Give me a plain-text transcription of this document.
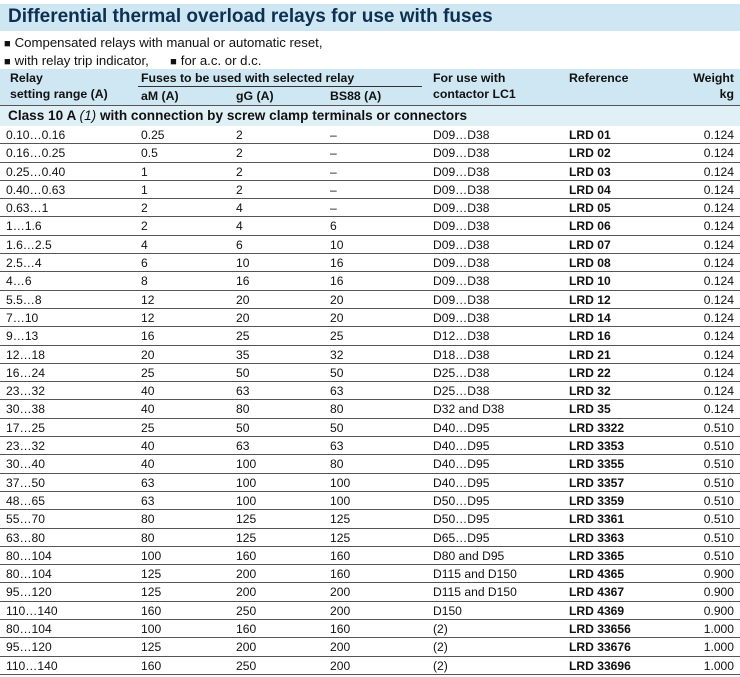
Differential thermal overload relays for use with fuses
■ Compensated relays with manual or automatic reset,
■ with relay trip indicator, ■ for a.c. or d.c.
Relay
setting range (A)
Fuses to be used with selected relay
aM (A)	gG (A)	BS88 (A)
For use with
contactor LC1
Reference	Weight
kg
Class 10 A (1) with connection by screw clamp terminals or connectors
0.10…0.16	0.25	2	–	D09…D38	LRD 01	0.124
0.16…0.25	0.5	2	–	D09…D38	LRD 02	0.124
0.25…0.40	1	2	–	D09…D38	LRD 03	0.124
0.40…0.63	1	2	–	D09…D38	LRD 04	0.124
0.63…1	2	4	–	D09…D38	LRD 05	0.124
1…1.6	2	4	6	D09…D38	LRD 06	0.124
1.6…2.5	4	6	10	D09…D38	LRD 07	0.124
2.5…4	6	10	16	D09…D38	LRD 08	0.124
4…6	8	16	16	D09…D38	LRD 10	0.124
5.5…8	12	20	20	D09…D38	LRD 12	0.124
7…10	12	20	20	D09…D38	LRD 14	0.124
9…13	16	25	25	D12…D38	LRD 16	0.124
12…18	20	35	32	D18…D38	LRD 21	0.124
16…24	25	50	50	D25…D38	LRD 22	0.124
23…32	40	63	63	D25…D38	LRD 32	0.124
30…38	40	80	80	D32 and D38	LRD 35	0.124
17…25	25	50	50	D40…D95	LRD 3322	0.510
23…32	40	63	63	D40…D95	LRD 3353	0.510
30…40	40	100	80	D40…D95	LRD 3355	0.510
37…50	63	100	100	D40…D95	LRD 3357	0.510
48…65	63	100	100	D50…D95	LRD 3359	0.510
55…70	80	125	125	D50…D95	LRD 3361	0.510
63…80	80	125	125	D65…D95	LRD 3363	0.510
80…104	100	160	160	D80 and D95	LRD 3365	0.510
80…104	125	200	160	D115 and D150	LRD 4365	0.900
95…120	125	200	200	D115 and D150	LRD 4367	0.900
110…140	160	250	200	D150	LRD 4369	0.900
80…104	100	160	160	(2)	LRD 33656	1.000
95…120	125	200	200	(2)	LRD 33676	1.000
110…140	160	250	200	(2)	LRD 33696	1.000
